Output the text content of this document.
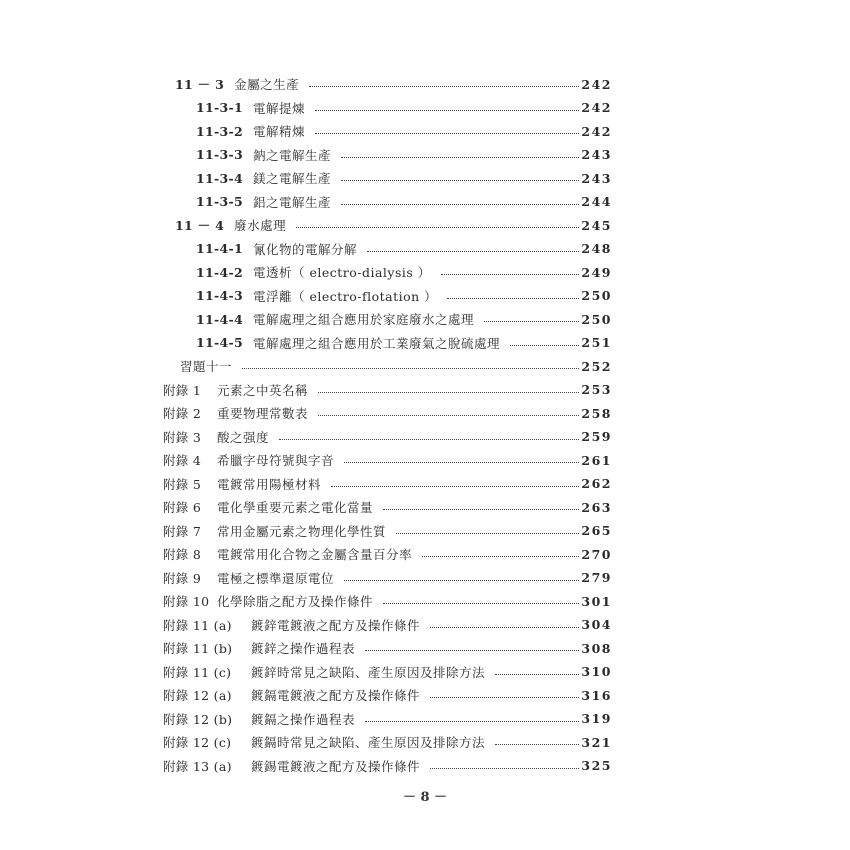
11 － 3 金屬之生產	242
11-3-1 電解提煉	242
11-3-2 電解精煉	242
11-3-3 鈉之電解生產	243
11-3-4 鎂之電解生產	243
11-3-5 鋁之電解生產	244
11 － 4 廢水處理	245
11-4-1 氰化物的電解分解	248
11-4-2 電透析（ electro-dialysis ）	249
11-4-3 電浮離（ electro-flotation ）	250
11-4-4 電解處理之組合應用於家庭廢水之處理	250
11-4-5 電解處理之組合應用於工業廢氣之脫硫處理	251
習題十一	252
附錄 1	元素之中英名稱	253
附錄 2	重要物理常數表	258
附錄 3	酸之强度	259
附錄 4	希臘字母符號與字音	261
附錄 5	電鍍常用陽極材料	262
附錄 6	電化學重要元素之電化當量	263
附錄 7	常用金屬元素之物理化學性質	265
附錄 8	電鍍常用化合物之金屬含量百分率	270
附錄 9	電極之標準還原電位	279
附錄 10 化學除脂之配方及操作條件	301
附錄 11 (a)	鍍鋅電鍍液之配方及操作條件	304
附錄 11 (b)	鍍鋅之操作過程表	308
附錄 11 (c)	鍍鋅時常見之缺陷、產生原因及排除方法	310
附錄 12 (a)	鍍鎘電鍍液之配方及操作條件	316
附錄 12 (b)	鍍鎘之操作過程表	319
附錄 12 (c)	鍍鎘時常見之缺陷、產生原因及排除方法	321
附錄 13 (a)	鍍錫電鍍液之配方及操作條件	325
－ 8 －
